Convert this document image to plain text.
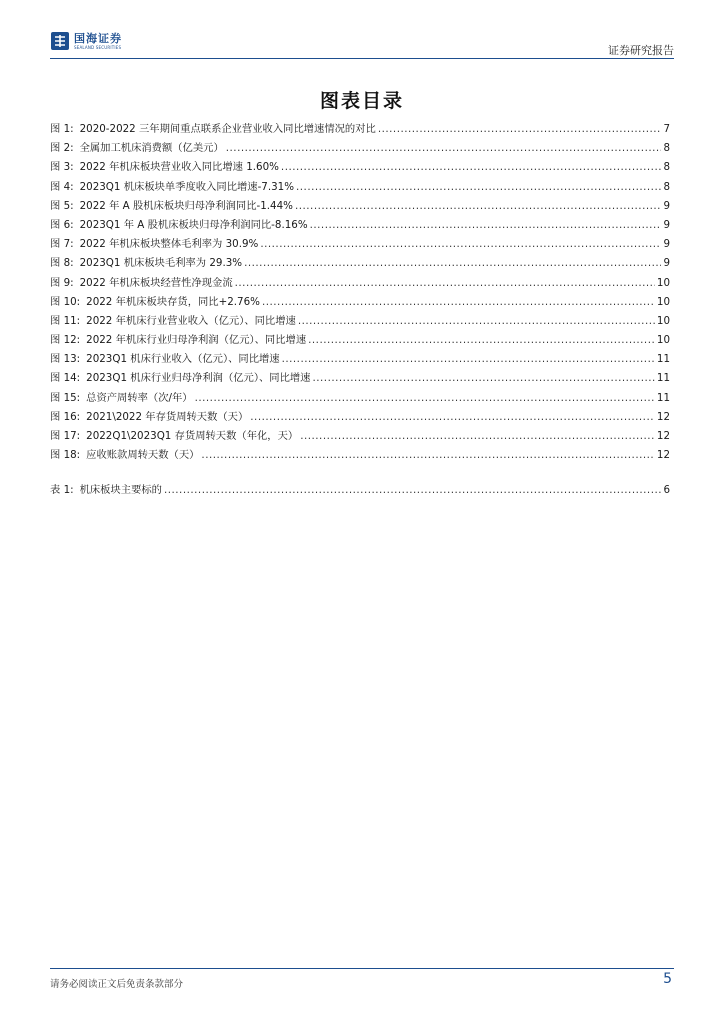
国海证券
SEALAND SECURITIES	证券研究报告
图表目录
图 1: 2020-2022 三年期间重点联系企业营业收入同比增速情况的对比 .....	7
图 2: 全属加工机床消费额（亿美元） .....	8
图 3: 2022 年机床板块营业收入同比增速 1.60% .....	8
图 4: 2023Q1 机床板块单季度收入同比增速-7.31% .....	8
图 5: 2022 年 A 股机床板块归母净利润同比-1.44% .....	9
图 6: 2023Q1 年 A 股机床板块归母净利润同比-8.16% .....	9
图 7: 2022 年机床板块整体毛利率为 30.9% .....	9
图 8: 2023Q1 机床板块毛利率为 29.3% .....	9
图 9: 2022 年机床板块经营性净现金流 .....	10
图 10: 2022 年机床板块存货，同比+2.76% .....	10
图 11: 2022 年机床行业营业收入（亿元）、同比增速 .....	10
图 12: 2022 年机床行业归母净利润（亿元）、同比增速 .....	10
图 13: 2023Q1 机床行业收入（亿元）、同比增速 .....	11
图 14: 2023Q1 机床行业归母净利润（亿元）、同比增速 .....	11
图 15: 总资产周转率（次/年） .....	11
图 16: 2021\2022 年存货周转天数（天） .....	12
图 17: 2022Q1\2023Q1 存货周转天数（年化，天） .....	12
图 18: 应收账款周转天数（天） .....	12
表 1: 机床板块主要标的 .....	6
请务必阅读正文后免责条款部分	5
